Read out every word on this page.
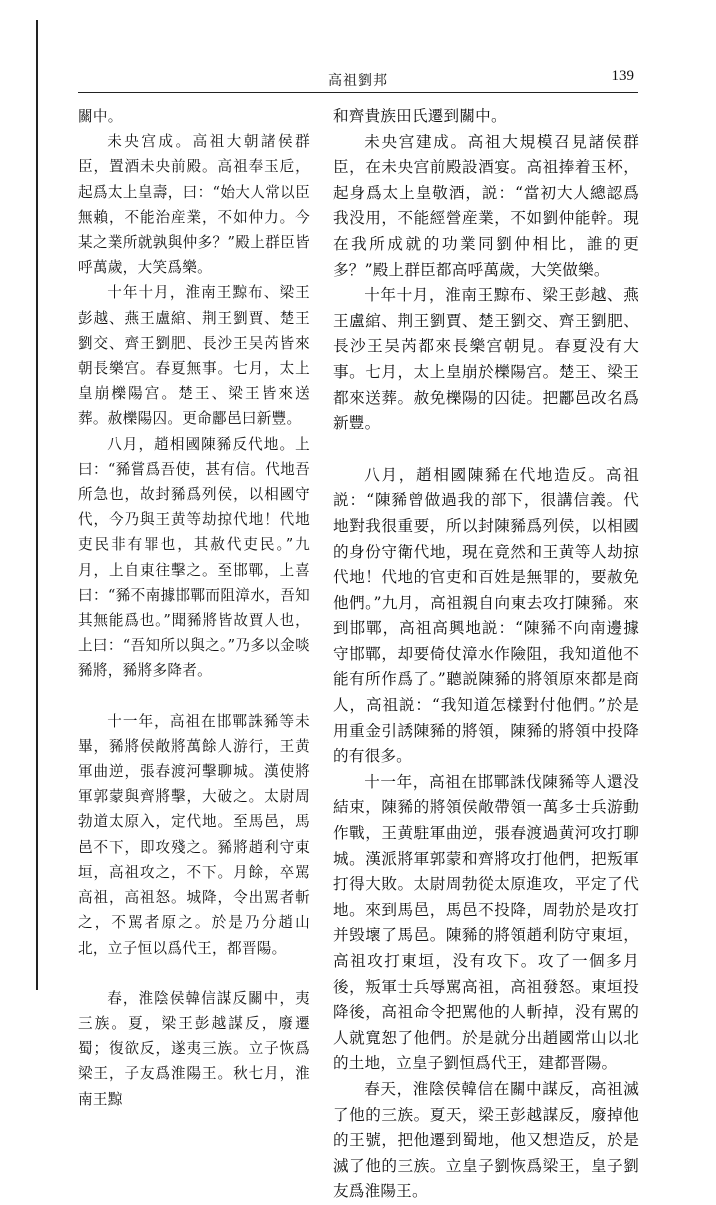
高祖劉邦	139

關中。

未央宫成。高祖大朝諸侯群臣，置酒未央前殿。高祖奉玉卮，起爲太上皇壽，曰：“始大人常以臣無賴，不能治産業，不如仲力。今某之業所就孰與仲多？”殿上群臣皆呼萬歲，大笑爲樂。

十年十月，淮南王黥布、梁王彭越、燕王盧綰、荆王劉賈、楚王劉交、齊王劉肥、長沙王吴芮皆來朝長樂宫。春夏無事。七月，太上皇崩櫟陽宫。楚王、梁王皆來送葬。赦櫟陽囚。更命酈邑曰新豐。

八月，趙相國陳豨反代地。上曰：“豨嘗爲吾使，甚有信。代地吾所急也，故封豨爲列侯，以相國守代，今乃與王黄等劫掠代地！代地吏民非有罪也，其赦代吏民。”九月，上自東往擊之。至邯鄲，上喜曰：“豨不南據邯鄲而阻漳水，吾知其無能爲也。”聞豨將皆故賈人也，上曰：“吾知所以與之。”乃多以金啖豨將，豨將多降者。

十一年，高祖在邯鄲誅豨等未畢，豨將侯敞將萬餘人游行，王黄軍曲逆，張春渡河擊聊城。漢使將軍郭蒙與齊將擊，大破之。太尉周勃道太原入，定代地。至馬邑，馬邑不下，即攻殘之。豨將趙利守東垣，高祖攻之，不下。月餘，卒駡高祖，高祖怒。城降，令出駡者斬之，不駡者原之。於是乃分趙山北，立子恒以爲代王，都晋陽。

春，淮陰侯韓信謀反關中，夷三族。夏，梁王彭越謀反，廢遷蜀；復欲反，遂夷三族。立子恢爲梁王，子友爲淮陽王。秋七月，淮南王黥

和齊貴族田氏遷到關中。

未央宫建成。高祖大規模召見諸侯群臣，在未央宫前殿設酒宴。高祖捧着玉杯，起身爲太上皇敬酒，説：“當初大人總認爲我没用，不能經營産業，不如劉仲能幹。現在我所成就的功業同劉仲相比，誰的更多？”殿上群臣都高呼萬歲，大笑做樂。

十年十月，淮南王黥布、梁王彭越、燕王盧綰、荆王劉賈、楚王劉交、齊王劉肥、長沙王吴芮都來長樂宫朝見。春夏没有大事。七月，太上皇崩於櫟陽宫。楚王、梁王都來送葬。赦免櫟陽的囚徒。把酈邑改名爲新豐。

八月，趙相國陳豨在代地造反。高祖説：“陳豨曾做過我的部下，很講信義。代地對我很重要，所以封陳豨爲列侯，以相國的身份守衛代地，現在竟然和王黄等人劫掠代地！代地的官吏和百姓是無罪的，要赦免他們。”九月，高祖親自向東去攻打陳豨。來到邯鄲，高祖高興地説：“陳豨不向南邊據守邯鄲，却要倚仗漳水作險阻，我知道他不能有所作爲了。”聽説陳豨的將領原來都是商人，高祖説：“我知道怎樣對付他們。”於是用重金引誘陳豨的將領，陳豨的將領中投降的有很多。

十一年，高祖在邯鄲誅伐陳豨等人還没結束，陳豨的將領侯敞帶領一萬多士兵游動作戰，王黄駐軍曲逆，張春渡過黄河攻打聊城。漢派將軍郭蒙和齊將攻打他們，把叛軍打得大敗。太尉周勃從太原進攻，平定了代地。來到馬邑，馬邑不投降，周勃於是攻打并毁壞了馬邑。陳豨的將領趙利防守東垣，高祖攻打東垣，没有攻下。攻了一個多月後，叛軍士兵辱駡高祖，高祖發怒。東垣投降後，高祖命令把駡他的人斬掉，没有駡的人就寬恕了他們。於是就分出趙國常山以北的土地，立皇子劉恒爲代王，建都晋陽。

春天，淮陰侯韓信在關中謀反，高祖滅了他的三族。夏天，梁王彭越謀反，廢掉他的王號，把他遷到蜀地，他又想造反，於是滅了他的三族。立皇子劉恢爲梁王，皇子劉友爲淮陽王。
